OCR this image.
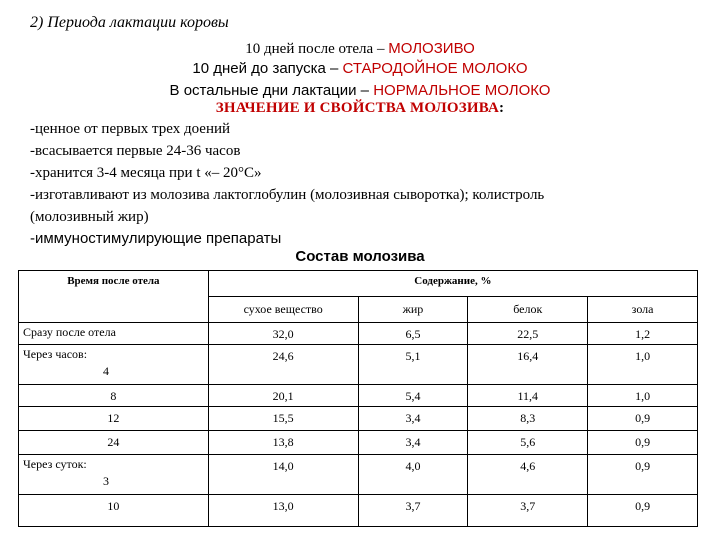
2) Периода лактации коровы
10 дней после отела – МОЛОЗИВО
10 дней до запуска – СТАРОДОЙНОЕ МОЛОКО
В остальные дни лактации – НОРМАЛЬНОЕ МОЛОКО
ЗНАЧЕНИЕ И СВОЙСТВА МОЛОЗИВА:
-ценное от первых трех доений
-всасывается первые 24-36 часов
-хранится 3-4 месяца при t «– 20°С»
-изготавливают из молозива лактоглобулин (молозивная сыворотка); колистроль
(молозивный жир)
-иммуностимулирующие препараты
Состав молозива
Время после отела	Содержание, %			
	сухое вещество	жир	белок	зола
Сразу после отела	32,0	6,5	22,5	1,2
Через часов:
4	24,6	5,1	16,4	1,0
8	20,1	5,4	11,4	1,0
12	15,5	3,4	8,3	0,9
24	13,8	3,4	5,6	0,9
Через суток:
3	14,0	4,0	4,6	0,9
10	13,0	3,7	3,7	0,9
